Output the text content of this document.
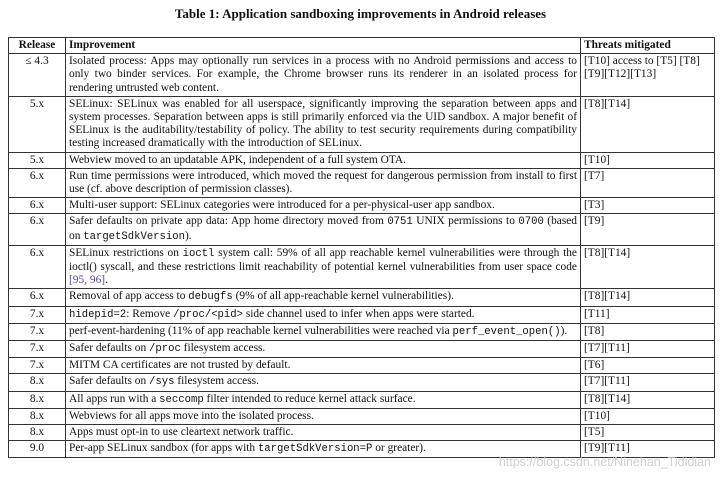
Table 1: Application sandboxing improvements in Android releases
Release	Improvement	Threats mitigated
≤ 4.3	Isolated process: Apps may optionally run services in a process with no Android permissions and access to only two binder services. For example, the Chrome browser runs its renderer in an isolated process for rendering untrusted web content.	[T10] access to [T5] [T8][T9][T12][T13]
5.x	SELinux: SELinux was enabled for all userspace, significantly improving the separation between apps and system processes. Separation between apps is still primarily enforced via the UID sandbox. A major benefit of SELinux is the auditability/testability of policy. The ability to test security requirements during compatibility testing increased dramatically with the introduction of SELinux.	[T8][T14]
5.x	Webview moved to an updatable APK, independent of a full system OTA.	[T10]
6.x	Run time permissions were introduced, which moved the request for dangerous permission from install to first use (cf. above description of permission classes).	[T7]
6.x	Multi-user support: SELinux categories were introduced for a per-physical-user app sandbox.	[T3]
6.x	Safer defaults on private app data: App home directory moved from 0751 UNIX permissions to 0700 (based on targetSdkVersion).	[T9]
6.x	SELinux restrictions on ioctl system call: 59% of all app reachable kernel vulnerabilities were through the ioctl() syscall, and these restrictions limit reachability of potential kernel vulnerabilities from user space code [95, 96].	[T8][T14]
6.x	Removal of app access to debugfs (9% of all app-reachable kernel vulnerabilities).	[T8][T14]
7.x	hidepid=2: Remove /proc/<pid> side channel used to infer when apps were started.	[T11]
7.x	perf-event-hardening (11% of app reachable kernel vulnerabilities were reached via perf_event_open()).	[T8]
7.x	Safer defaults on /proc filesystem access.	[T7][T11]
7.x	MITM CA certificates are not trusted by default.	[T6]
8.x	Safer defaults on /sys filesystem access.	[T7][T11]
8.x	All apps run with a seccomp filter intended to reduce kernel attack surface.	[T8][T14]
8.x	Webviews for all apps move into the isolated process.	[T10]
8.x	Apps must opt-in to use cleartext network traffic.	[T5]
9.0	Per-app SELinux sandbox (for apps with targetSdkVersion=P or greater).	[T9][T11]
https://blog.csdn.net/Ninehan_Tididian
